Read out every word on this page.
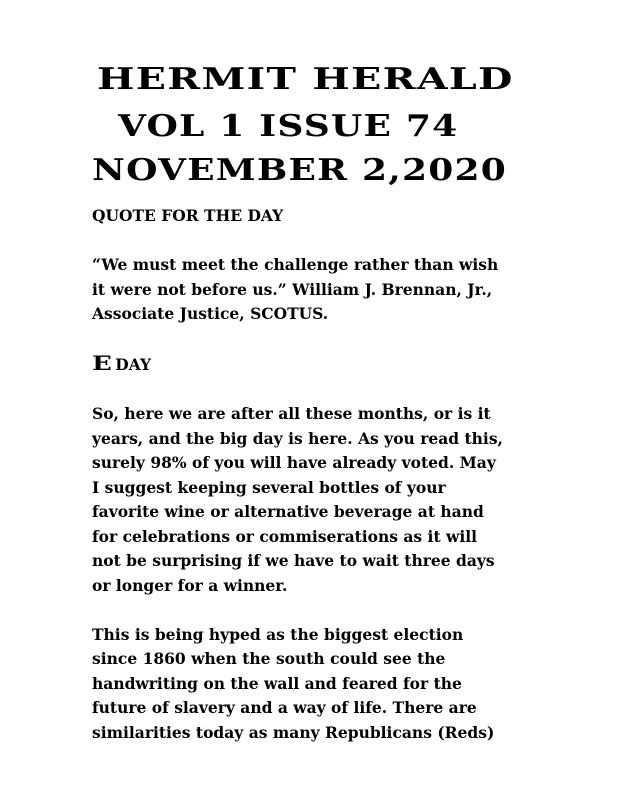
HERMIT HERALD
VOL 1 ISSUE 74
NOVEMBER 2,2020

QUOTE FOR THE DAY

“We must meet the challenge rather than wish
it were not before us.” William J. Brennan, Jr.,
Associate Justice, SCOTUS.

E DAY

So, here we are after all these months, or is it
years, and the big day is here. As you read this,
surely 98% of you will have already voted. May
I suggest keeping several bottles of your
favorite wine or alternative beverage at hand
for celebrations or commiserations as it will
not be surprising if we have to wait three days
or longer for a winner.

This is being hyped as the biggest election
since 1860 when the south could see the
handwriting on the wall and feared for the
future of slavery and a way of life. There are
similarities today as many Republicans (Reds)
